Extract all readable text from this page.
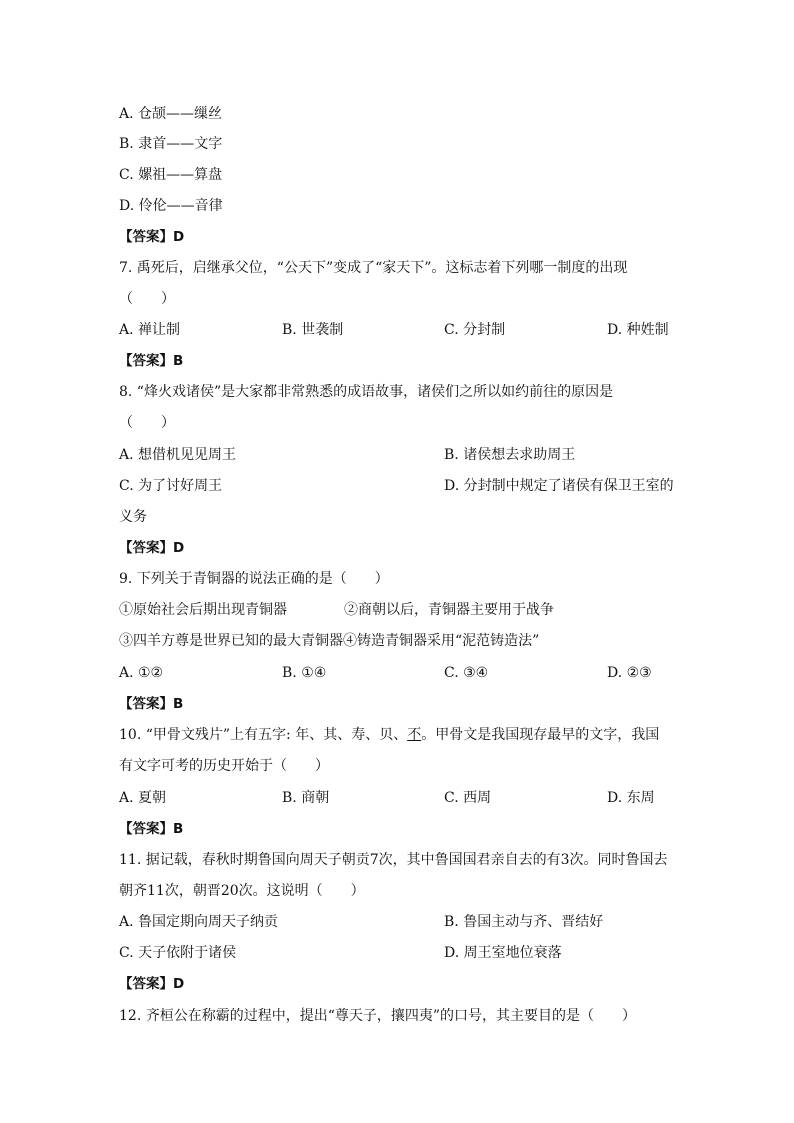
A. 仓颉——缫丝
B. 隶首——文字
C. 嫘祖——算盘
D. 伶伦——音律
【答案】D
7. 禹死后，启继承父位，“公天下”变成了“家天下”。这标志着下列哪一制度的出现
（　　）
A. 禅让制	B. 世袭制	C. 分封制	D. 种姓制
【答案】B
8. “烽火戏诸侯”是大家都非常熟悉的成语故事，诸侯们之所以如约前往的原因是
（　　）
A. 想借机见见周王	B. 诸侯想去求助周王
C. 为了讨好周王	D. 分封制中规定了诸侯有保卫王室的
义务
【答案】D
9. 下列关于青铜器的说法正确的是（　　）
①原始社会后期出现青铜器	②商朝以后，青铜器主要用于战争
③四羊方尊是世界已知的最大青铜器④铸造青铜器采用“泥范铸造法”
A. ①②	B. ①④	C. ③④	D. ②③
【答案】B
10. “甲骨文残片”上有五字: 年、其、寿、贝、不。甲骨文是我国现存最早的文字，我国
有文字可考的历史开始于（　　）
A. 夏朝	B. 商朝	C. 西周	D. 东周
【答案】B
11. 据记载，春秋时期鲁国向周天子朝贡7次，其中鲁国国君亲自去的有3次。同时鲁国去
朝齐11次，朝晋20次。这说明（　　）
A. 鲁国定期向周天子纳贡	B. 鲁国主动与齐、晋结好
C. 天子依附于诸侯	D. 周王室地位衰落
【答案】D
12. 齐桓公在称霸的过程中，提出“尊天子，攘四夷”的口号，其主要目的是（　　）
